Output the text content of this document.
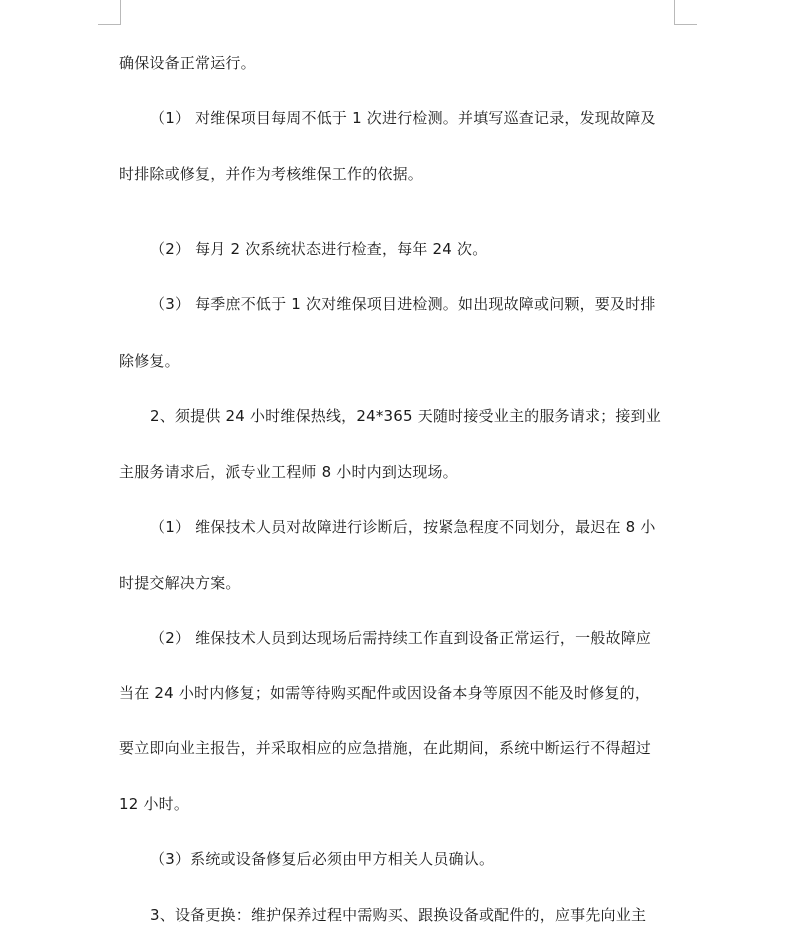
确保设备正常运行。
（1） 对维保项目每周不低于 1 次进行检测。并填写巡查记录，发现故障及
时排除或修复，并作为考核维保工作的依据。
（2） 每月 2 次系统状态进行检查，每年 24 次。
（3） 每季庶不低于 1 次对维保项目进检测。如出现故障或问颗，要及时排
除修复。
2、须提供 24 小时维保热线，24*365 天随时接受业主的服务请求；接到业
主服务请求后，派专业工程师 8 小时内到达现场。
（1） 维保技术人员对故障进行诊断后，按紧急程度不同划分，最迟在 8 小
时提交解决方案。
（2） 维保技术人员到达现场后需持续工作直到设备正常运行，一般故障应
当在 24 小时内修复；如需等待购买配件或因设备本身等原因不能及时修复的，
要立即向业主报告，并采取相应的应急措施，在此期间，系统中断运行不得超过
12 小时。
（3）系统或设备修复后必须由甲方相关人员确认。
3、设备更换：维护保养过程中需购买、跟换设备或配件的，应事先向业主
